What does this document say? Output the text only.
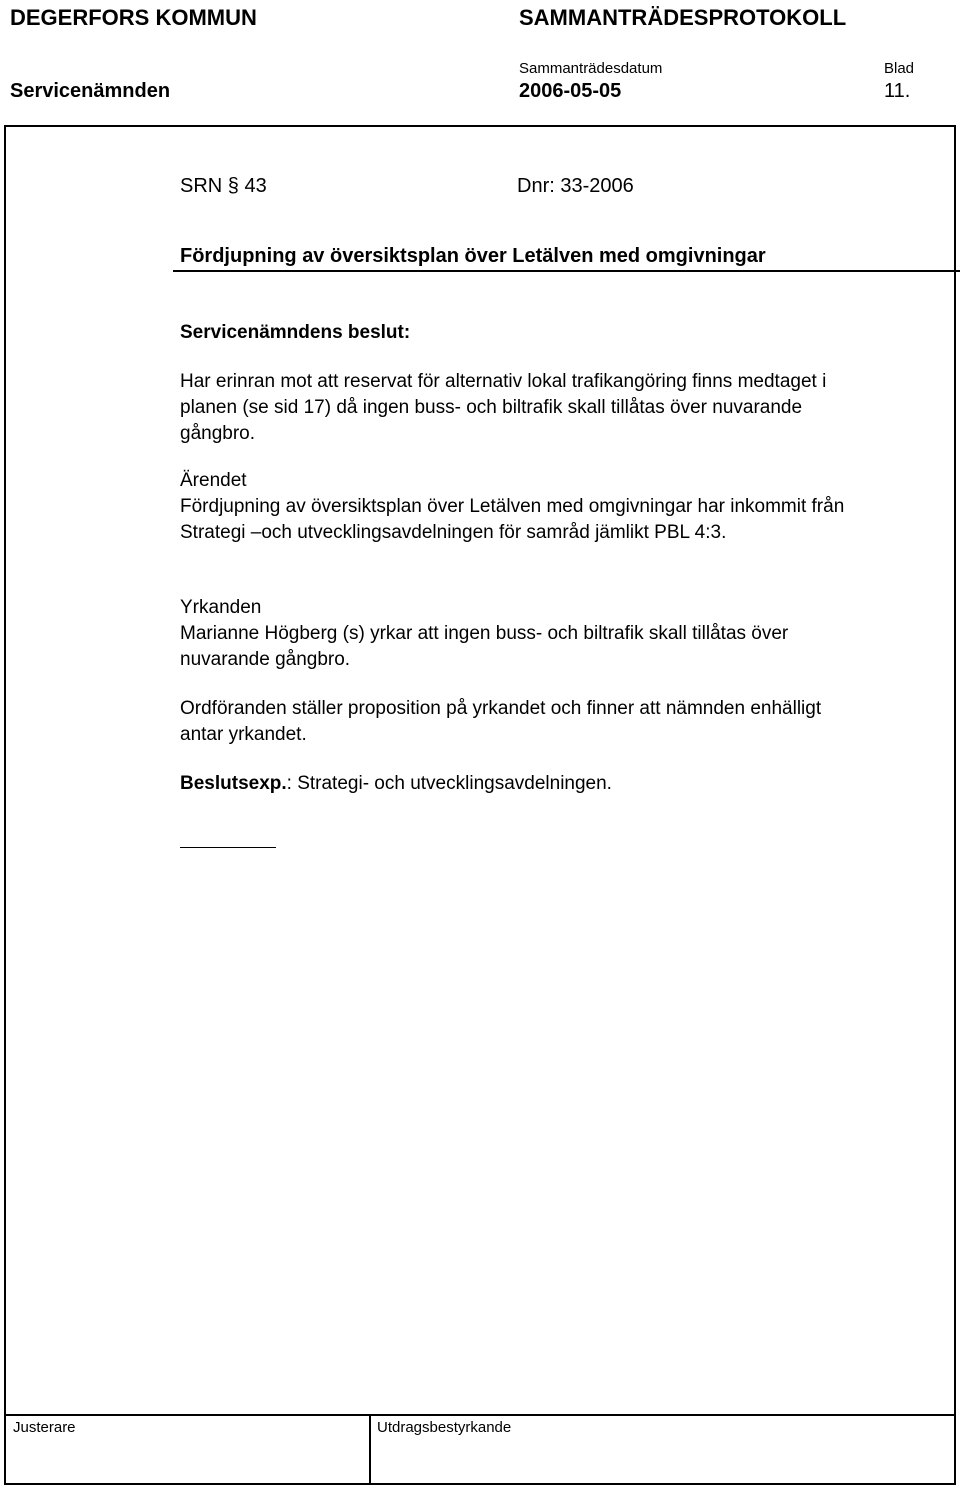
DEGERFORS KOMMUN	SAMMANTRÄDESPROTOKOLL
Sammanträdesdatum	Blad
Servicenämnden	2006-05-05	11.
SRN § 43	Dnr: 33-2006
Fördjupning av översiktsplan över Letälven med omgivningar
Servicenämndens beslut:
Har erinran mot att reservat för alternativ lokal trafikangöring finns medtaget i
planen (se sid 17) då ingen buss- och biltrafik skall tillåtas över nuvarande
gångbro.
Ärendet
Fördjupning av översiktsplan över Letälven med omgivningar har inkommit från
Strategi –och utvecklingsavdelningen för samråd jämlikt PBL 4:3.
Yrkanden
Marianne Högberg (s) yrkar att ingen buss- och biltrafik skall tillåtas över
nuvarande gångbro.
Ordföranden ställer proposition på yrkandet och finner att nämnden enhälligt
antar yrkandet.
Beslutsexp.: Strategi- och utvecklingsavdelningen.
Justerare	Utdragsbestyrkande
